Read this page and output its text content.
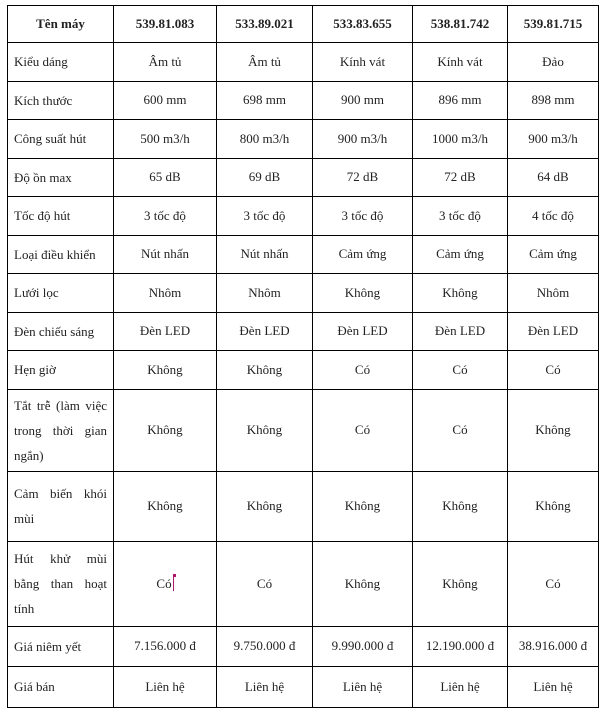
Tên máy	539.81.083	533.89.021	533.83.655	538.81.742	539.81.715
Kiểu dáng	Âm tủ	Âm tủ	Kính vát	Kính vát	Đảo
Kích thước	600 mm	698 mm	900 mm	896 mm	898 mm
Công suất hút	500 m3/h	800 m3/h	900 m3/h	1000 m3/h	900 m3/h
Độ ồn max	65 dB	69 dB	72 dB	72 dB	64 dB
Tốc độ hút	3 tốc độ	3 tốc độ	3 tốc độ	3 tốc độ	4 tốc độ
Loại điều khiển	Nút nhấn	Nút nhấn	Cảm ứng	Cảm ứng	Cảm ứng
Lưới lọc	Nhôm	Nhôm	Không	Không	Nhôm
Đèn chiếu sáng	Đèn LED	Đèn LED	Đèn LED	Đèn LED	Đèn LED
Hẹn giờ	Không	Không	Có	Có	Có
Tắt trễ (làm việc trong thời gian ngắn)	Không	Không	Có	Có	Không
Cảm biến khói mùi	Không	Không	Không	Không	Không
Hút khử mùi bằng than hoạt tính	Có	Có	Không	Không	Có
Giá niêm yết	7.156.000 đ	9.750.000 đ	9.990.000 đ	12.190.000 đ	38.916.000 đ
Giá bán	Liên hệ	Liên hệ	Liên hệ	Liên hệ	Liên hệ
